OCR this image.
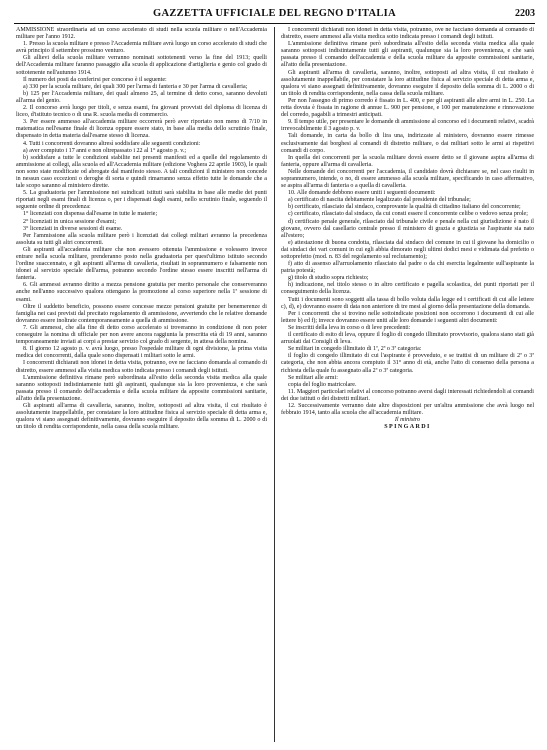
GAZZETTA UFFICIALE DEL REGNO D'ITALIA	2203

AMMISSIONE straordinaria ad un corso accelerato di studi nella scuola militare o nell'Accademia militare per l'anno 1912.

1. Presso la scuola militare e presso l'Accademia militare avrà luogo un corso accelerato di studi che avrà principio il settembre prossimo venturo.

Gli allievi della scuola militare verranno nominati sottotenenti verso la fine del 1913; quelli dell'Accademia militare faranno passaggio alla scuola di applicazione d'artiglieria e genio col grado di sottotenente nell'autunno 1914.

Il numero dei posti da conferirsi per concorso è il seguente:

a) 330 per la scuola militare, dei quali 300 per l'arma di fanteria e 30 per l'arma di cavalleria;

b) 125 per l'Accademia militare, dei quali almeno 25, al termine di detto corso, saranno devoluti all'arma del genio.

2. Il concorso avrà luogo per titoli, e senza esami, fra giovani provvisti del diploma di licenza di liceo, d'istituto tecnico o di una R. scuola media di commercio.

3. Per essere ammesso all'accademia militare occorrerà però aver riportato non meno di 7/10 in matematica nell'esame finale di licenza oppure essere stato, in base alla media dello scrutinio finale, dispensato in detta materia dall'esame stesso di licenza.

4. Tutti i concorrenti dovranno altresì soddisfare alle seguenti condizioni:

a) aver compiuto i 17 anni e non oltrepassato i 22 al 1° agosto p. v.;

b) soddisfare a tutte le condizioni stabilite nei presenti manifesti ed a quelle del regolamento di ammissione ai collegi, alla scuola ed all'Accademia militare (edizione Voghera 22 aprile 1903), le quali non sono state modificate od abrogate dal manifesto stesso. A tali condizioni il ministero non concede in nessun caso eccezioni o deroghe di sorta e quindi rimarranno senza effetto tutte le domande che a tale scopo saranno al ministero dirette.

5. La graduatoria per l'ammissione nei suindicati istituti sarà stabilita in base alle medie dei punti riportati negli esami finali di licenza o, per i dispensati dagli esami, nello scrutinio finale, seguendo il seguente ordine di precedenza:

1° licenziati con dispensa dall'esame in tutte le materie;

2° licenziati in unica sessione d'esami;

3° licenziati in diverse sessioni di esame.

Per l'ammissione alla scuola militare però i licenziati dai collegi militari avranno la precedenza assoluta su tutti gli altri concorrenti.

Gli aspiranti all'accademia militare che non avessero ottenuta l'ammissione e volessero invece entrare nella scuola militare, prenderanno posto nella graduatoria per quest'ultimo istituto secondo l'ordine suaccennato, e gli aspiranti all'arma di cavalleria, risultati in soprannumero e falsamente non idonei al servizio speciale dell'arma, potranno secondo l'ordine stesso essere inscritti nell'arma di fanteria.

6. Gli ammessi avranno diritto a mezza pensione gratuita per merito personale che conserveranno anche nell'anno successivo qualora ottengano la promozione al corso superiore nella 1ª sessione di esami.

Oltre il suddetto beneficio, possono essere concesse mezze pensioni gratuite per benemerenze di famiglia nei casi previsti dal precitato regolamento di ammissione, avvertendo che le relative domande dovranno essere inoltrate contemporaneamente a quella di ammissione.

7. Gli ammessi, che alla fine di detto corso accelerato si troveranno in condizione di non poter conseguire la nomina di ufficiale per non avere ancora raggiunta la prescritta età di 19 anni, saranno temporaneamente inviati ai corpi a prestar servizio col grado di sergente, in attesa della nomina.

8. Il giorno 12 agosto p. v. avrà luogo, presso l'ospedale militare di ogni divisione, la prima visita medica dei concorrenti, dalla quale sono dispensati i militari sotto le armi.

I concorrenti dichiarati non idonei in detta visita, potranno, ove ne facciano domanda al comando di distretto, essere ammessi alla visita medica sotto indicata presso i comandi degli istituti.

L'ammissione definitiva rimane però subordinata all'esito della seconda visita medica alla quale saranno sottoposti indistintamente tutti gli aspiranti, qualunque sia la loro provenienza, e che sarà passata presso il comando dell'accademia e della scuola militare da apposite commissioni sanitarie, all'atto della presentazione.

Gli aspiranti all'arma di cavalleria, saranno, inoltre, sottoposti ad altra visita, il cui risultato è assolutamente inappellabile, per constatare la loro attitudine fisica al servizio speciale di detta arma e, qualora vi siano assegnati definitivamente, dovranno eseguire il deposito della somma di L. 2000 o di un titolo di rendita corrispondente, nella cassa della scuola militare.

I concorrenti dichiarati non idonei in detta visita, potranno, ove ne facciano domanda al comando di distretto, essere ammessi alla visita medica sotto indicata presso i comandi degli istituti.

L'ammissione definitiva rimane però subordinata all'esito della seconda visita medica alla quale saranno sottoposti indistintamente tutti gli aspiranti, qualunque sia la loro provenienza, e che sarà passata presso il comando dell'accademia e della scuola militare da apposite commissioni sanitarie, all'atto della presentazione.

Gli aspiranti all'arma di cavalleria, saranno, inoltre, sottoposti ad altra visita, il cui risultato è assolutamente inappellabile, per constatare la loro attitudine fisica al servizio speciale di detta arma e, qualora vi siano assegnati definitivamente, dovranno eseguire il deposito della somma di L. 2000 o di un titolo di rendita corrispondente, nella cassa della scuola militare.

Per non l'assegno di primo corredo è fissato in L. 400, e per gli aspiranti alle altre armi in L. 250. La retta dovuta è fissata in ragione di annue L. 900 per pensione, e 100 per manutenzione e rinnovazione del corredo, pagabili a trimestri anticipati.

9. Il tempo utile, per presentare le domande di ammissione al concorso ed i documenti relativi, scadrà irrevocabilmente il 3 agosto p. v.

Tali domande, in carta da bollo di lira una, indirizzate al ministero, dovranno essere rimesse esclusivamente dai borghesi al comandi di distretto militare, o dai militari sotto le armi ai rispettivi comandi di corpo.

In quella dei concorrenti per la scuola militare dovrà essere detto se il giovane aspira all'arma di fanteria, oppure all'arma di cavalleria.

Nelle domande dei concorrenti per l'accademia, il candidato dovrà dichiarare se, nel caso risulti in soprannumero, intende, o no, di essere ammesso alla scuola militare, specificando in caso affermativo, se aspira all'arma di fanteria o a quella di cavalleria.

10. Alle domande debbono essere uniti i seguenti documenti:

a) certificato di nascita debitamente legalizzato dal presidente del tribunale;

b) certificato, rilasciato dal sindaco, comprovante la qualità di cittadino italiano del concorrente;

c) certificato, rilasciato dal sindaco, da cui consti essere il concorrente celibe o vedovo senza prole;

d) certificato penale generale, rilasciato dal tribunale civile e penale nella cui giurisdizione è nato il giovane, ovvero dal casellario centrale presso il ministero di grazia e giustizia se l'aspirante sia nato all'estero;

e) attestazione di buona condotta, rilasciata dal sindaco del comune in cui il giovane ha domicilio o dai sindaci dei vari comuni in cui egli abbia dimorato negli ultimi dodici mesi e vidimata dal prefetto o sottoprefetto (mod. n. 83 del regolamento sul reclutamento);

f) atto di assenso all'arruolamento rilasciato dal padre o da chi esercita legalmente sull'aspirante la patria potestà;

g) titolo di studio sopra richiesto;

h) indicazione, nel titolo stesso o in altro certificato e pagella scolastica, dei punti riportati per il conseguimento della licenza.

Tutti i documenti sono soggetti alla tassa di bollo voluta dalla legge ed i certificati di cui alle lettere c), d), e) dovranno essere di data non anteriore di tre mesi al giorno della presentazione della domanda.

Per i concorrenti che si trovino nelle sottoindicate posizioni non occorrono i documenti di cui alle lettere b) ed f); invece dovranno essere uniti alle loro domande i seguenti altri documenti:

Se inscritti della leva in corso o di leve precedenti:

il certificato di esito di leva, oppure il foglio di congedo illimitato provvisorio, qualora siano stati già arruolati dai Consigli di leva.

Se militari in congedo illimitato di 1ª, 2ª o 3ª categoria:

il foglio di congedo illimitato di cui l'aspirante è provveduto, e se trattisi di un militare di 2ª o 3ª categoria, che non abbia ancora compiuto il 31° anno di età, anche l'atto di consenso della persona a richiesta della quale fu assegnato alla 2ª o 3ª categoria.

Se militari alle armi:

copia del foglio matricolare.

11. Maggiori particolari relativi al concorso potranno aversi dagli interessati richiedendoli ai comandi dei due istituti o dei distretti militari.

12. Successivamente verranno date altre disposizioni per un'altra ammissione che avrà luogo nel febbraio 1914, tanto alla scuola che all'accademia militare.

Il ministro

SPINGARDI
